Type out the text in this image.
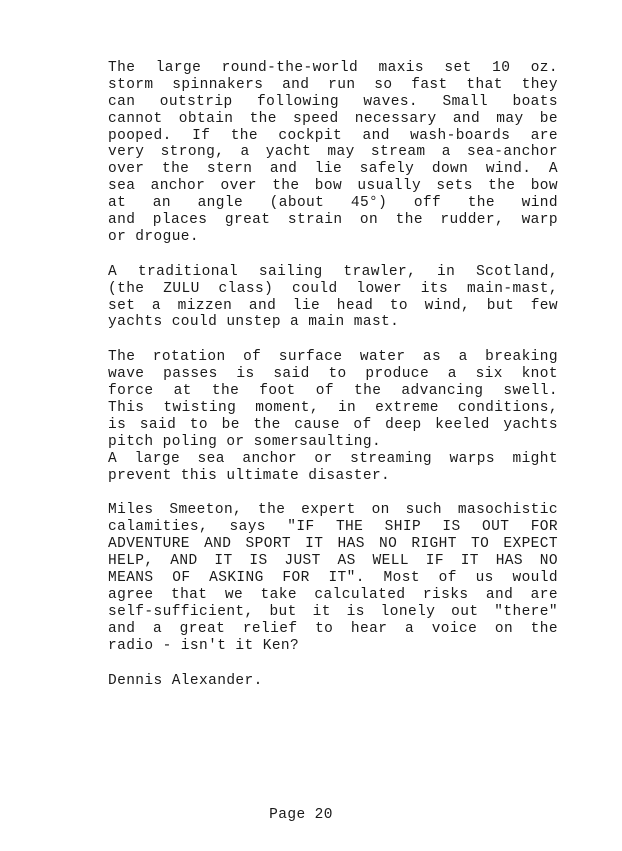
The large round-the-world maxis set 10 oz.
storm spinnakers and run so fast that they
can outstrip following waves. Small boats
cannot obtain the speed necessary and may be
pooped. If the cockpit and wash-boards are
very strong, a yacht may stream a sea-anchor
over the stern and lie safely down wind. A
sea anchor over the bow usually sets the bow
at an angle (about 45°) off the wind
and places great strain on the rudder, warp
or drogue.
A traditional sailing trawler, in Scotland,
(the ZULU class) could lower its main-mast,
set a mizzen and lie head to wind, but few
yachts could unstep a main mast.
The rotation of surface water as a breaking
wave passes is said to produce a six knot
force at the foot of the advancing swell.
This twisting moment, in extreme conditions,
is said to be the cause of deep keeled yachts
pitch poling or somersaulting.
A large sea anchor or streaming warps might
prevent this ultimate disaster.
Miles Smeeton, the expert on such masochistic
calamities, says "IF THE SHIP IS OUT FOR
ADVENTURE AND SPORT IT HAS NO RIGHT TO EXPECT
HELP, AND IT IS JUST AS WELL IF IT HAS NO
MEANS OF ASKING FOR IT". Most of us would
agree that we take calculated risks and are
self-sufficient, but it is lonely out "there"
and a great relief to hear a voice on the
radio - isn't it Ken?
Dennis Alexander.
Page 20
